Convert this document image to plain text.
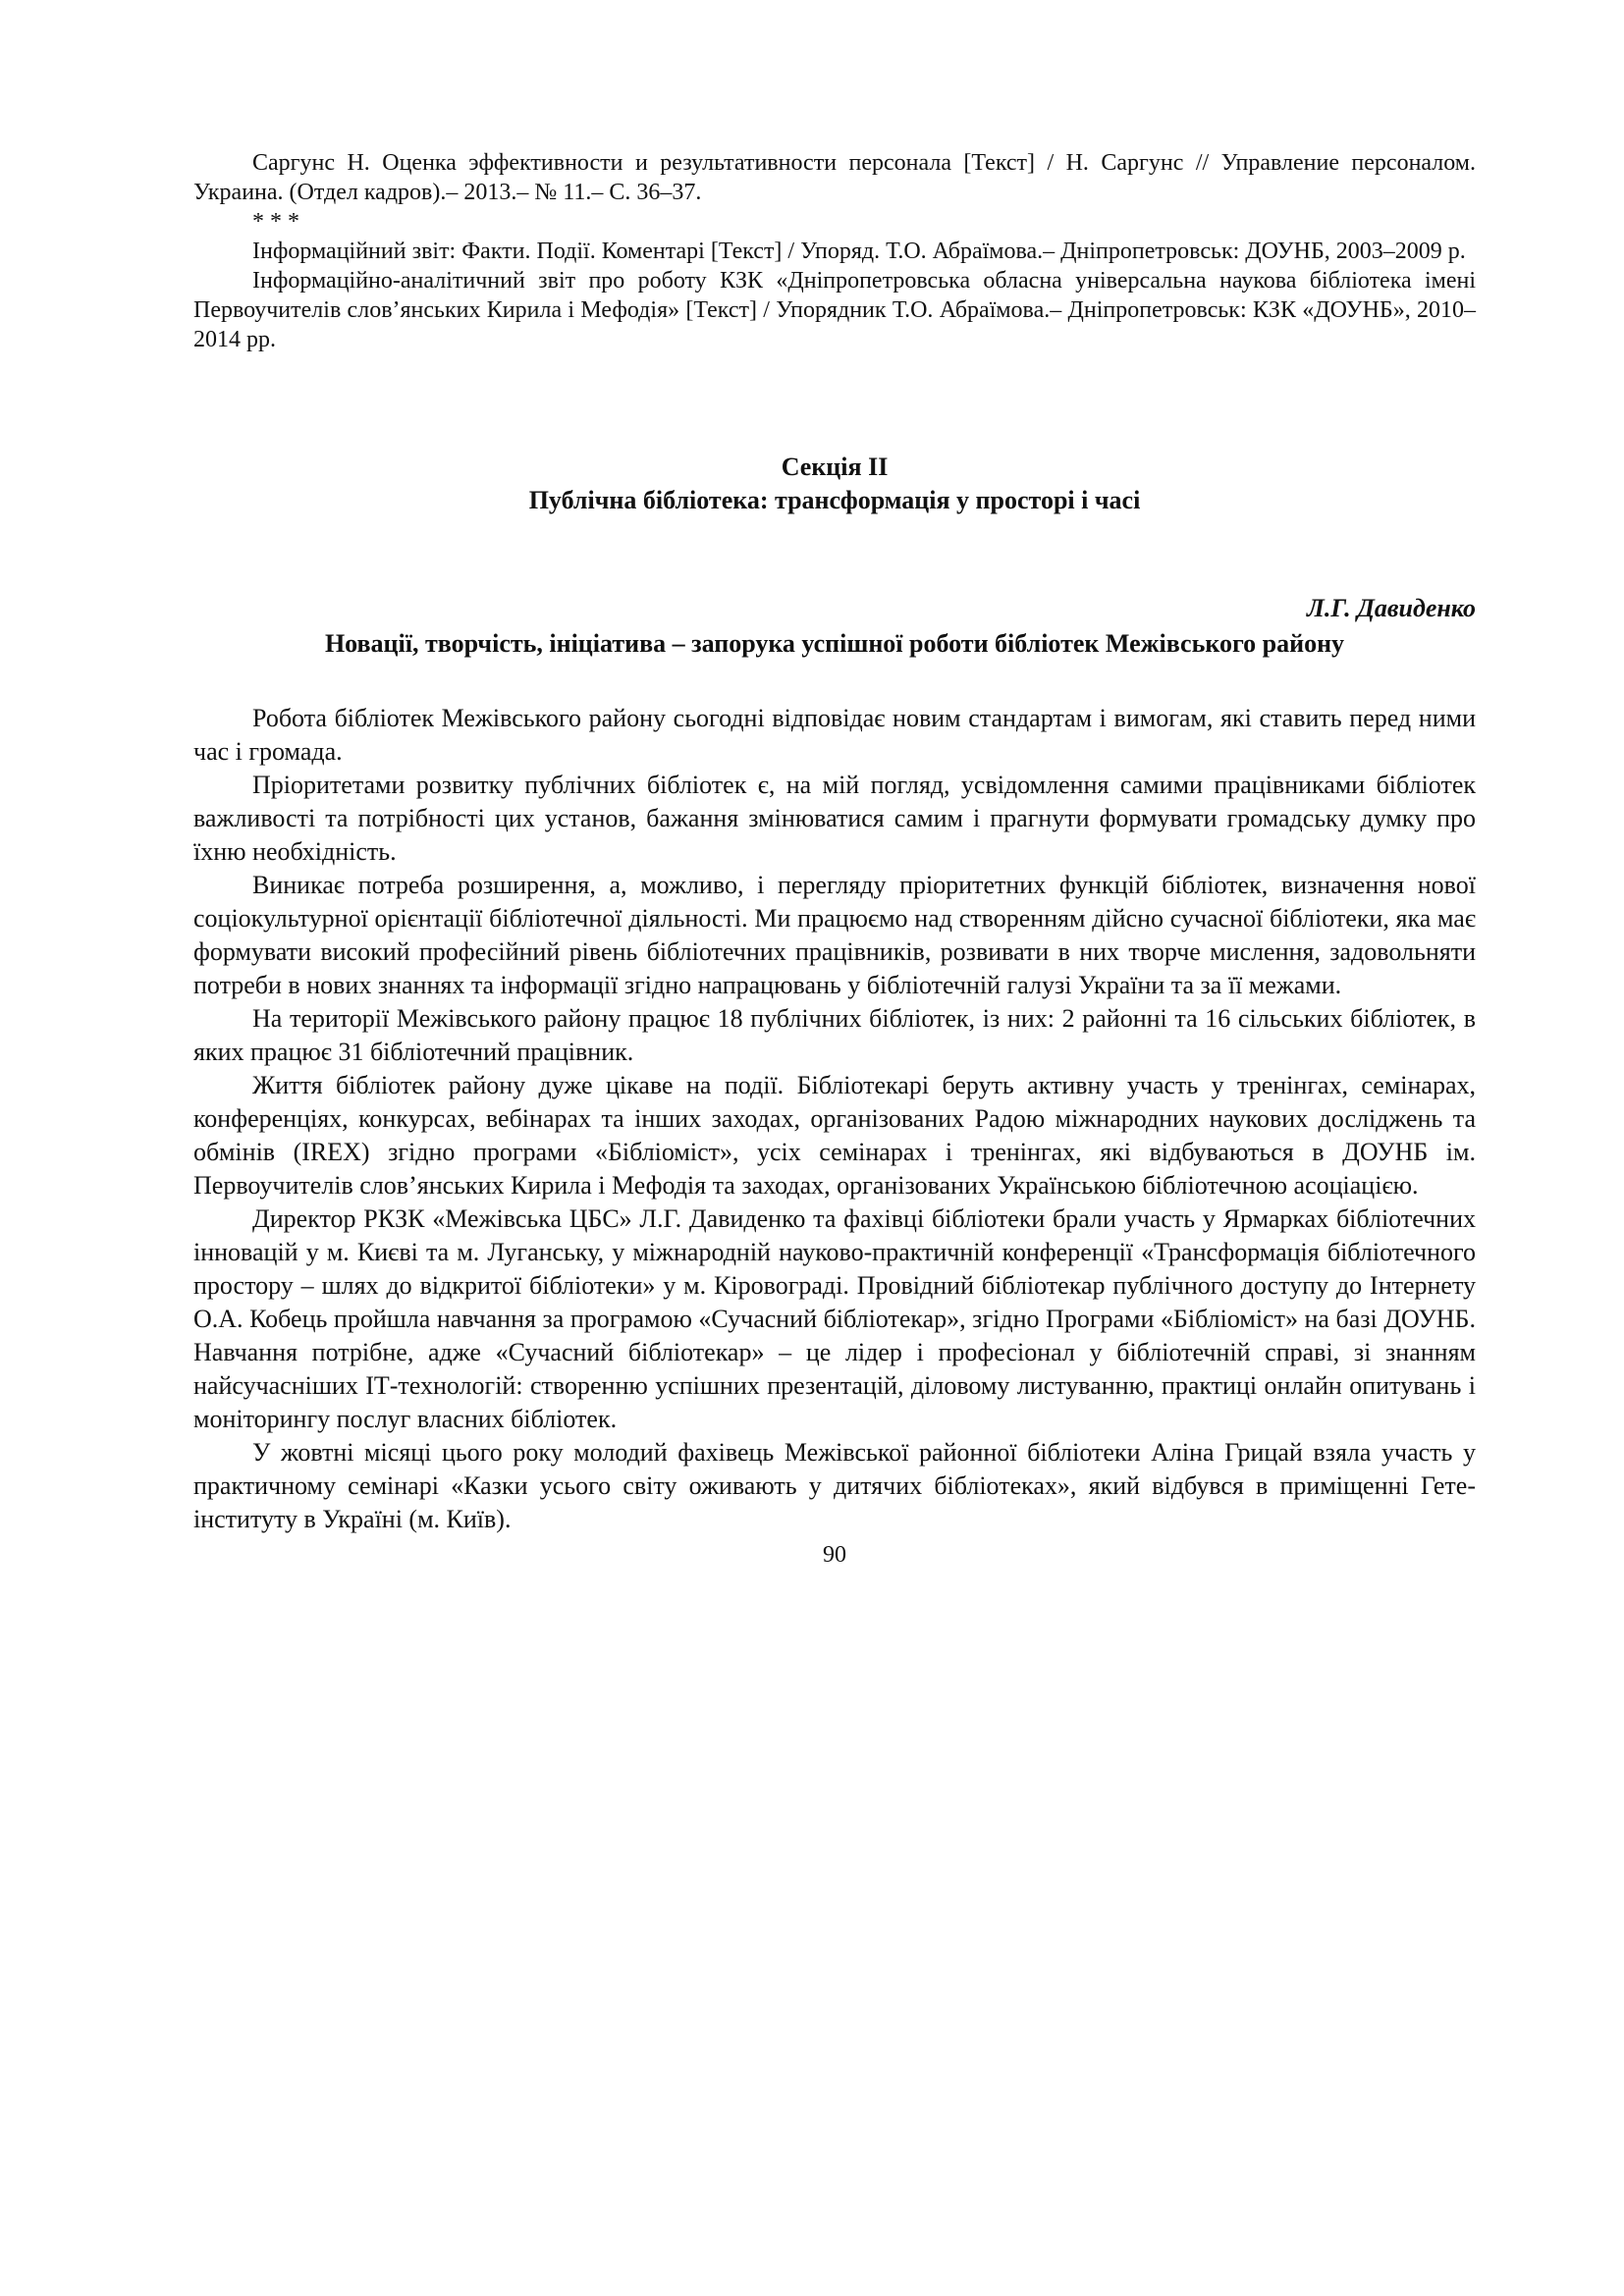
Саргунс Н. Оценка эффективности и результативности персонала [Текст] / Н. Саргунс // Управление персоналом. Украина. (Отдел кадров).– 2013.– № 11.– С. 36–37.

* * *

Інформаційний звіт: Факти. Події. Коментарі [Текст] / Упоряд. Т.О. Абраїмова.– Дніпропетровськ: ДОУНБ, 2003–2009 р.

Інформаційно-аналітичний звіт про роботу КЗК «Дніпропетровська обласна універсальна наукова бібліотека імені Первоучителів слов’янських Кирила і Мефодія» [Текст] / Упорядник Т.О. Абраїмова.– Дніпропетровськ: КЗК «ДОУНБ», 2010–2014 рр.

Секція ІІ
Публічна бібліотека: трансформація у просторі і часі
Л.Г. Давиденко
Новації, творчість, ініціатива – запорука успішної роботи бібліотек Межівського району

Робота бібліотек Межівського району сьогодні відповідає новим стандартам і вимогам, які ставить перед ними час і громада.

Пріоритетами розвитку публічних бібліотек є, на мій погляд, усвідомлення самими працівниками бібліотек важливості та потрібності цих установ, бажання змінюватися самим і прагнути формувати громадську думку про їхню необхідність.

Виникає потреба розширення, а, можливо, і перегляду пріоритетних функцій бібліотек, визначення нової соціокультурної орієнтації бібліотечної діяльності. Ми працюємо над створенням дійсно сучасної бібліотеки, яка має формувати високий професійний рівень бібліотечних працівників, розвивати в них творче мислення, задовольняти потреби в нових знаннях та інформації згідно напрацювань у бібліотечній галузі України та за її межами.

На території Межівського району працює 18 публічних бібліотек, із них: 2 районні та 16 сільських бібліотек, в яких працює 31 бібліотечний працівник.

Життя бібліотек району дуже цікаве на події. Бібліотекарі беруть активну участь у тренінгах, семінарах, конференціях, конкурсах, вебінарах та інших заходах, організованих Радою міжнародних наукових досліджень та обмінів (IREX) згідно програми «Бібліоміст», усіх семінарах і тренінгах, які відбуваються в ДОУНБ ім. Первоучителів слов’янських Кирила і Мефодія та заходах, організованих Українською бібліотечною асоціацією.

Директор РКЗК «Межівська ЦБС» Л.Г. Давиденко та фахівці бібліотеки брали участь у Ярмарках бібліотечних інновацій у м. Києві та м. Луганську, у міжнародній науково-практичній конференції «Трансформація бібліотечного простору – шлях до відкритої бібліотеки» у м. Кіровограді. Провідний бібліотекар публічного доступу до Інтернету О.А. Кобець пройшла навчання за програмою «Сучасний бібліотекар», згідно Програми «Бібліоміст» на базі ДОУНБ. Навчання потрібне, адже «Сучасний бібліотекар» – це лідер і професіонал у бібліотечній справі, зі знанням найсучасніших ІТ-технологій: створенню успішних презентацій, діловому листуванню, практиці онлайн опитувань і моніторингу послуг власних бібліотек.

У жовтні місяці цього року молодий фахівець Межівської районної бібліотеки Аліна Грицай взяла участь у практичному семінарі «Казки усього світу оживають у дитячих бібліотеках», який відбувся в приміщенні Гете-інституту в Україні (м. Київ).

90
